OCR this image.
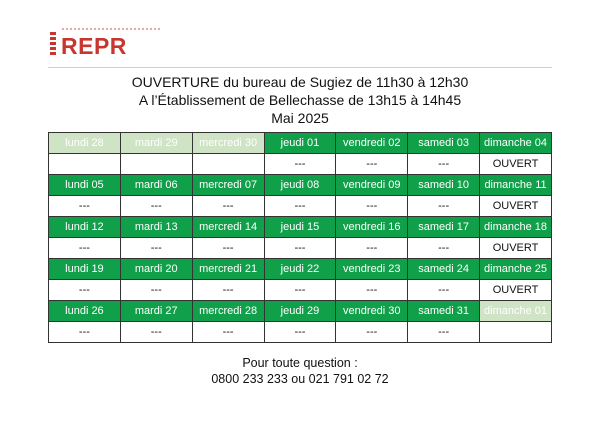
REPR
OUVERTURE du bureau de Sugiez de 11h30 à 12h30
A l’Établissement de Bellechasse de 13h15 à 14h45
Mai 2025
lundi 28	mardi 29	mercredi 30	jeudi 01	vendredi 02	samedi 03	dimanche 04
			---	---	---	OUVERT
lundi 05	mardi 06	mercredi 07	jeudi 08	vendredi 09	samedi 10	dimanche 11
---	---	---	---	---	---	OUVERT
lundi 12	mardi 13	mercredi 14	jeudi 15	vendredi 16	samedi 17	dimanche 18
---	---	---	---	---	---	OUVERT
lundi 19	mardi 20	mercredi 21	jeudi 22	vendredi 23	samedi 24	dimanche 25
---	---	---	---	---	---	OUVERT
lundi 26	mardi 27	mercredi 28	jeudi 29	vendredi 30	samedi 31	dimanche 01
---	---	---	---	---	---	
Pour toute question :
0800 233 233 ou 021 791 02 72
